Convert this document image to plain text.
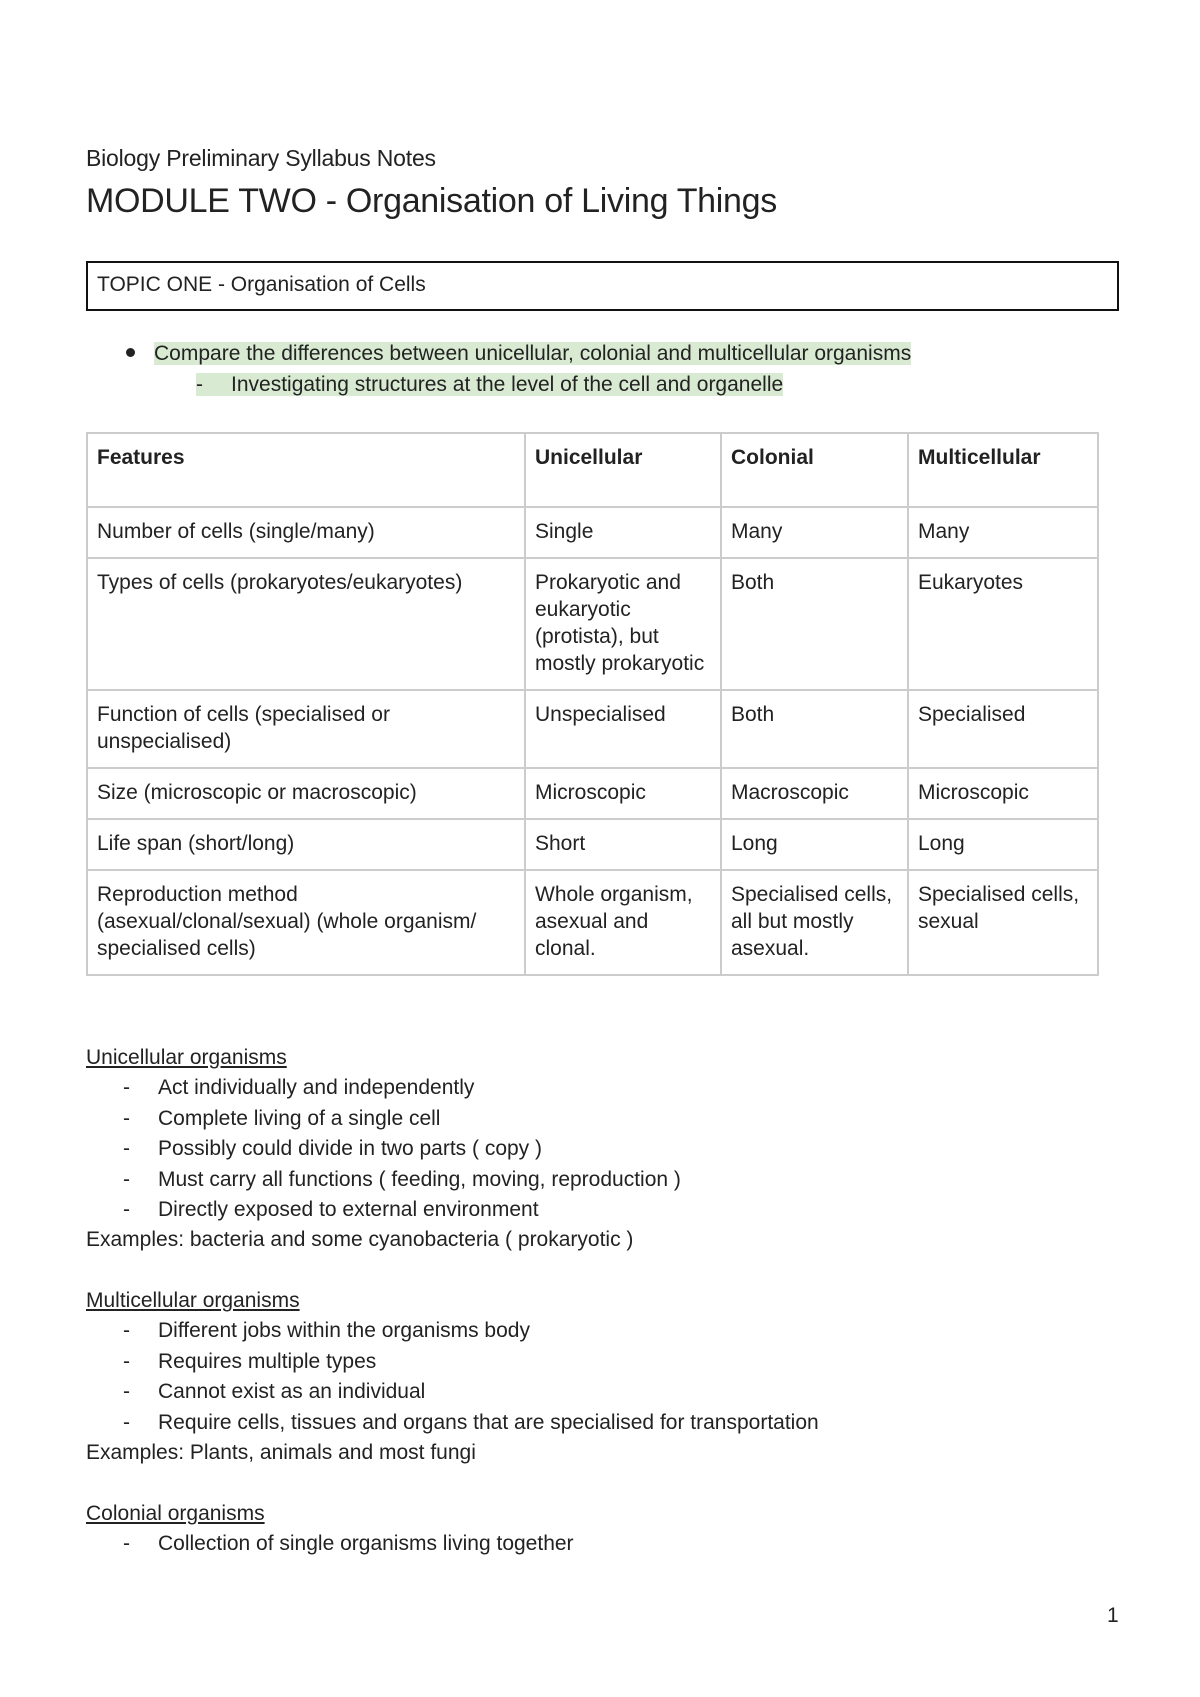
Biology Preliminary Syllabus Notes
MODULE TWO - Organisation of Living Things
TOPIC ONE - Organisation of Cells
Compare the differences between unicellular, colonial and multicellular organisms
- Investigating structures at the level of the cell and organelle
Features	Unicellular	Colonial	Multicellular
Number of cells (single/many)	Single	Many	Many
Types of cells (prokaryotes/eukaryotes)	Prokaryotic and eukaryotic (protista), but mostly prokaryotic	Both	Eukaryotes
Function of cells (specialised or unspecialised)	Unspecialised	Both	Specialised
Size (microscopic or macroscopic)	Microscopic	Macroscopic	Microscopic
Life span (short/long)	Short	Long	Long
Reproduction method (asexual/clonal/sexual) (whole organism/ specialised cells)	Whole organism, asexual and clonal.	Specialised cells, all but mostly asexual.	Specialised cells, sexual
Unicellular organisms
- Act individually and independently
- Complete living of a single cell
- Possibly could divide in two parts ( copy )
- Must carry all functions ( feeding, moving, reproduction )
- Directly exposed to external environment
Examples: bacteria and some cyanobacteria ( prokaryotic )
Multicellular organisms
- Different jobs within the organisms body
- Requires multiple types
- Cannot exist as an individual
- Require cells, tissues and organs that are specialised for transportation
Examples: Plants, animals and most fungi
Colonial organisms
- Collection of single organisms living together
1
